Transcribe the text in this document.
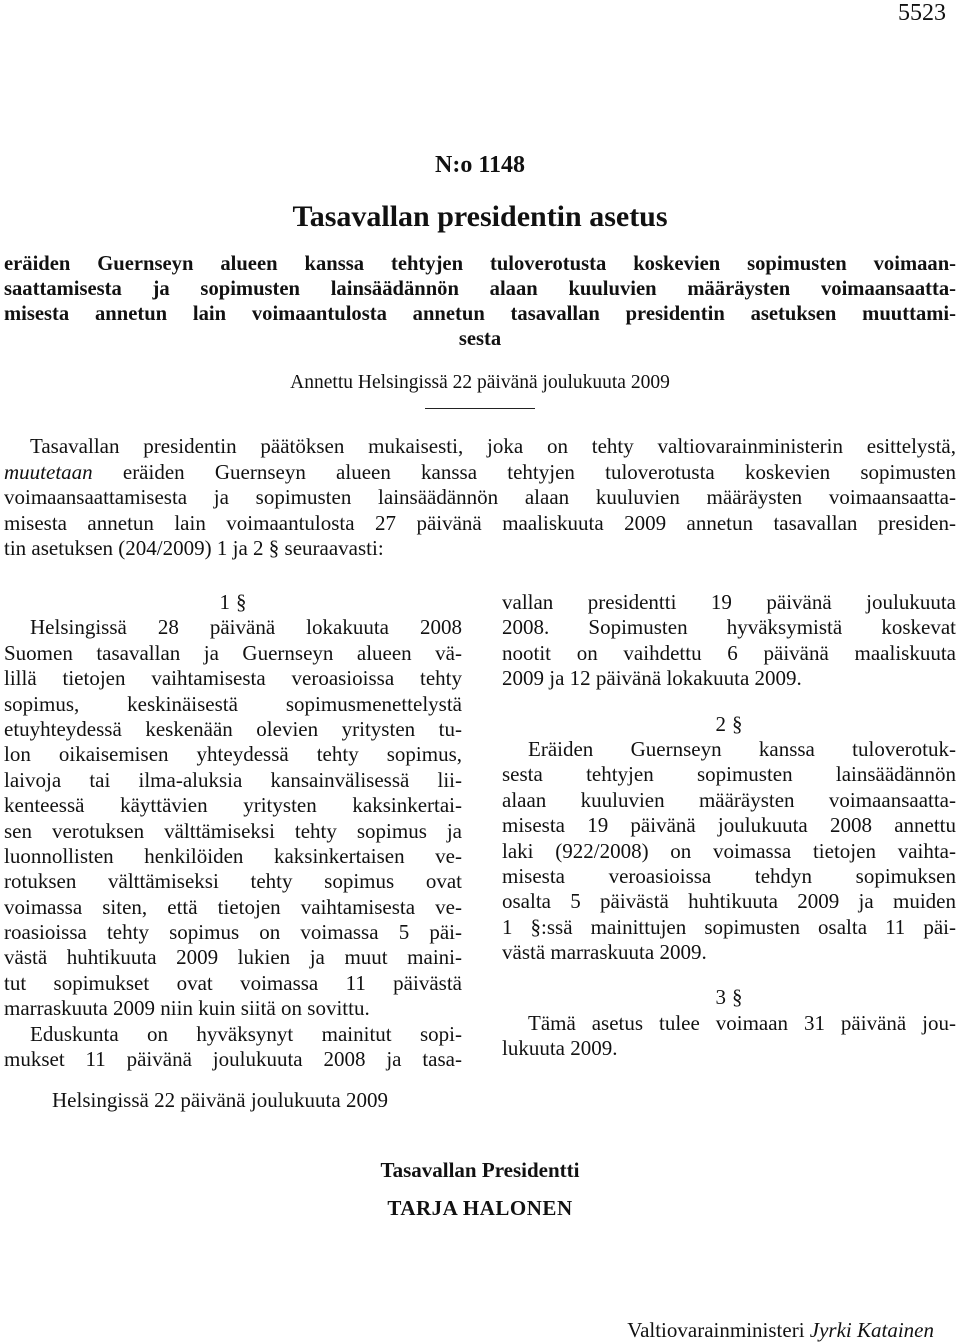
5523
N:o 1148
Tasavallan presidentin asetus
eräiden Guernseyn alueen kanssa tehtyjen tuloverotusta koskevien sopimusten voimaan-
saattamisesta ja sopimusten lainsäädännön alaan kuuluvien määräysten voimaansaatta-
misesta annetun lain voimaantulosta annetun tasavallan presidentin asetuksen muuttami-
sesta
Annettu Helsingissä 22 päivänä joulukuuta 2009
Tasavallan presidentin päätöksen mukaisesti, joka on tehty valtiovarainministerin esittelystä,
muutetaan eräiden Guernseyn alueen kanssa tehtyjen tuloverotusta koskevien sopimusten
voimaansaattamisesta ja sopimusten lainsäädännön alaan kuuluvien määräysten voimaansaatta-
misesta annetun lain voimaantulosta 27 päivänä maaliskuuta 2009 annetun tasavallan presiden-
tin asetuksen (204/2009) 1 ja 2 § seuraavasti:
1 §
Helsingissä 28 päivänä lokakuuta 2008
Suomen tasavallan ja Guernseyn alueen vä-
lillä tietojen vaihtamisesta veroasioissa tehty
sopimus, keskinäisestä sopimusmenettelystä
etuyhteydessä keskenään olevien yritysten tu-
lon oikaisemisen yhteydessä tehty sopimus,
laivoja tai ilma-aluksia kansainvälisessä lii-
kenteessä käyttävien yritysten kaksinkertai-
sen verotuksen välttämiseksi tehty sopimus ja
luonnollisten henkilöiden kaksinkertaisen ve-
rotuksen välttämiseksi tehty sopimus ovat
voimassa siten, että tietojen vaihtamisesta ve-
roasioissa tehty sopimus on voimassa 5 päi-
västä huhtikuuta 2009 lukien ja muut maini-
tut sopimukset ovat voimassa 11 päivästä
marraskuuta 2009 niin kuin siitä on sovittu.
Eduskunta on hyväksynyt mainitut sopi-
mukset 11 päivänä joulukuuta 2008 ja tasa-
vallan presidentti 19 päivänä joulukuuta
2008. Sopimusten hyväksymistä koskevat
nootit on vaihdettu 6 päivänä maaliskuuta
2009 ja 12 päivänä lokakuuta 2009.
2 §
Eräiden Guernseyn kanssa tuloverotuk-
sesta tehtyjen sopimusten lainsäädännön
alaan kuuluvien määräysten voimaansaatta-
misesta 19 päivänä joulukuuta 2008 annettu
laki (922/2008) on voimassa tietojen vaihta-
misesta veroasioissa tehdyn sopimuksen
osalta 5 päivästä huhtikuuta 2009 ja muiden
1 §:ssä mainittujen sopimusten osalta 11 päi-
västä marraskuuta 2009.
3 §
Tämä asetus tulee voimaan 31 päivänä jou-
lukuuta 2009.
Helsingissä 22 päivänä joulukuuta 2009
Tasavallan Presidentti
TARJA HALONEN
Valtiovarainministeri Jyrki Katainen
